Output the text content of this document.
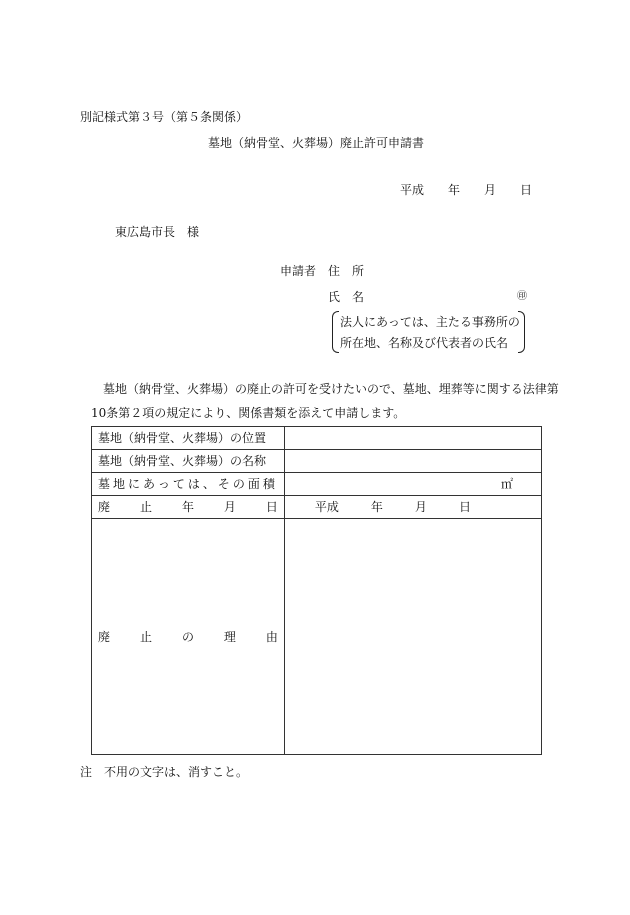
別記様式第３号（第５条関係）
墓地（納骨堂、火葬場）廃止許可申請書
平成 年 月 日
東広島市長　様
申請者 住　所
氏　名	㊞
法人にあっては、主たる事務所の
所在地、名称及び代表者の氏名
墓地（納骨堂、火葬場）の廃止の許可を受けたいので、墓地、埋葬等に関する法律第
10条第２項の規定により、関係書類を添えて申請します。
墓地（納骨堂、火葬場）の位置	
墓地（納骨堂、火葬場）の名称	
墓地にあっては、その面積	㎡

廃 止 年 月 日	平成 年 月 日

廃 止 の 理 由	

注　不用の文字は、消すこと。
